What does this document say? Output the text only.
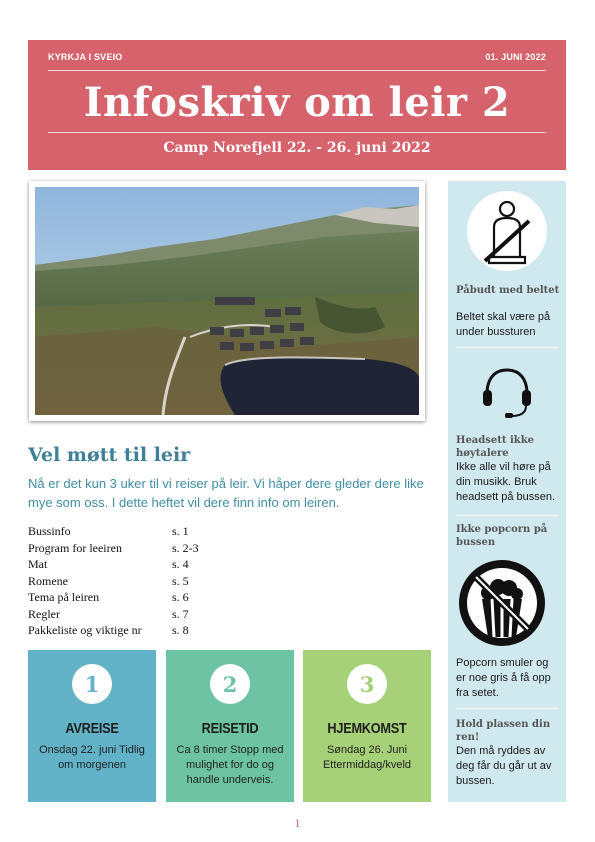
KYRKJA I SVEIO	01. JUNI 2022
Infoskriv om leir 2
Camp Norefjell 22. - 26. juni 2022
Vel møtt til leir
Nå er det kun 3 uker til vi reiser på leir. Vi håper dere gleder dere like mye som oss. I dette heftet vil dere finn info om leiren.
Bussinfo	s. 1
Program for leeiren	s. 2-3
Mat	s. 4
Romene	s. 5
Tema på leiren	s. 6
Regler	s. 7
Pakkeliste og viktige nr	s. 8
1
AVREISE
Onsdag 22. juni Tidlig om morgenen
2
REISETID
Ca 8 timer Stopp med mulighet for do og handle underveis.
3
HJEMKOMST
Søndag 26. Juni Ettermiddag/kveld
Påbudt med beltet
Beltet skal være på under bussturen
Headsett ikke høytalere
Ikke alle vil høre på din musikk. Bruk headsett på bussen.
Ikke popcorn på bussen
Popcorn smuler og er noe gris å få opp fra setet.
Hold plassen din ren!
Den må ryddes av deg får du går ut av bussen.
1
